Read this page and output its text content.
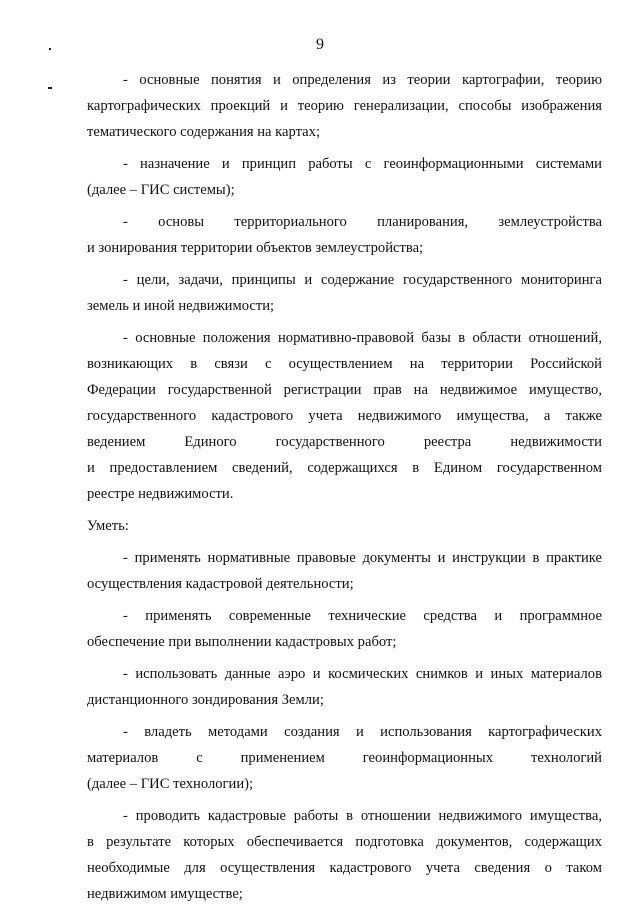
9
- основные понятия и определения из теории картографии, теорию
картографических проекций и теорию генерализации, способы изображения
тематического содержания на картах;
- назначение и принцип работы с геоинформационными системами
(далее – ГИС системы);
- основы территориального планирования, землеустройства
и зонирования территории объектов землеустройства;
- цели, задачи, принципы и содержание государственного мониторинга
земель и иной недвижимости;
- основные положения нормативно-правовой базы в области отношений,
возникающих в связи с осуществлением на территории Российской
Федерации государственной регистрации прав на недвижимое имущество,
государственного кадастрового учета недвижимого имущества, а также
ведением Единого государственного реестра недвижимости
и предоставлением сведений, содержащихся в Едином государственном
реестре недвижимости.
Уметь:
- применять нормативные правовые документы и инструкции в практике
осуществления кадастровой деятельности;
- применять современные технические средства и программное
обеспечение при выполнении кадастровых работ;
- использовать данные аэро и космических снимков и иных материалов
дистанционного зондирования Земли;
- владеть методами создания и использования картографических
материалов с применением геоинформационных технологий
(далее – ГИС технологии);
- проводить кадастровые работы в отношении недвижимого имущества,
в результате которых обеспечивается подготовка документов, содержащих
необходимые для осуществления кадастрового учета сведения о таком
недвижимом имуществе;
